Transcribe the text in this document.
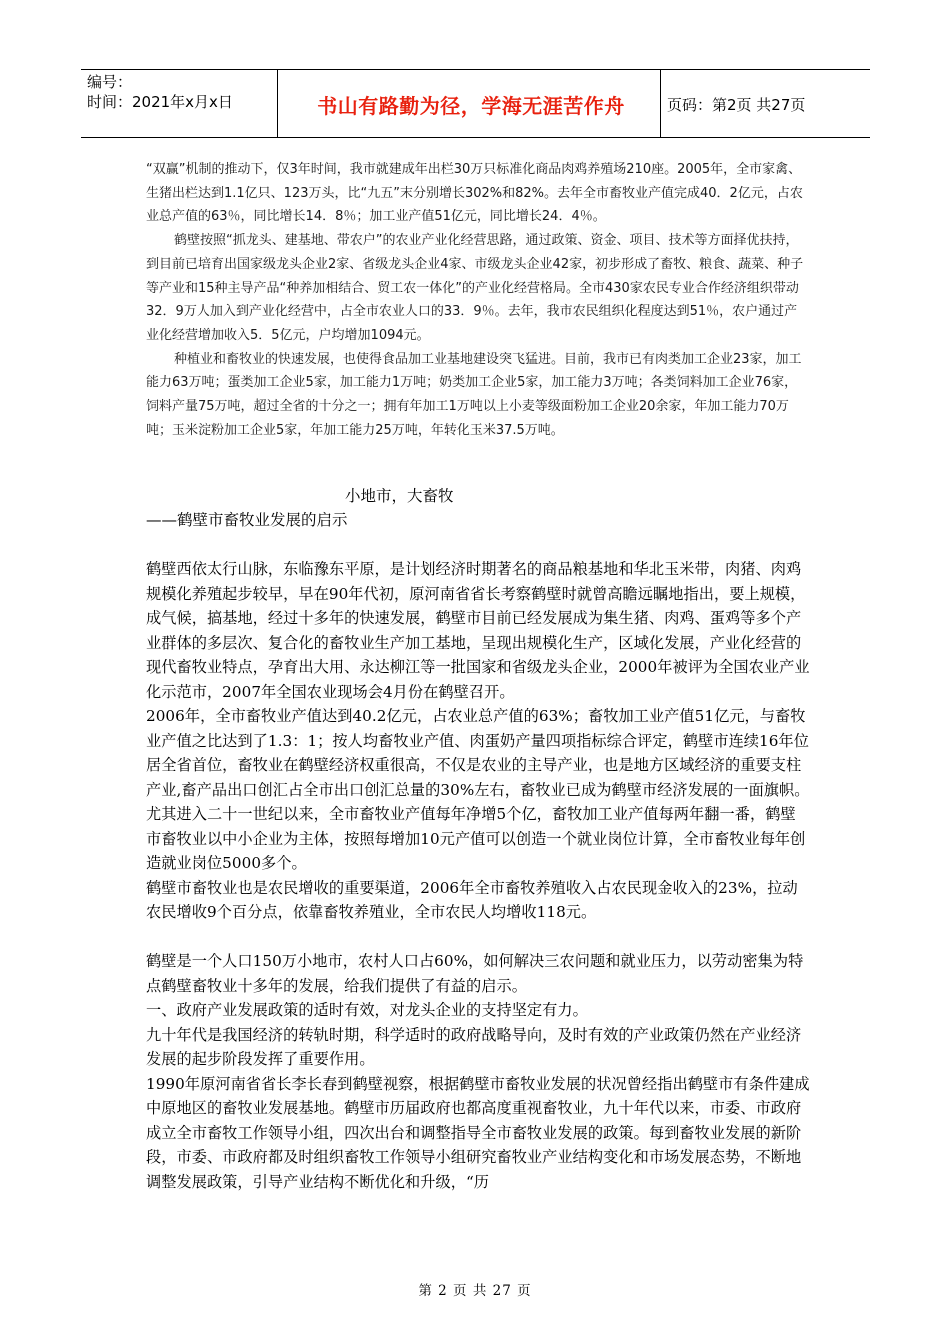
编号：
时间：2021年x月x日	书山有路勤为径，学海无涯苦作舟	页码：第2页 共27页

“双赢”机制的推动下，仅3年时间，我市就建成年出栏30万只标准化商品肉鸡养殖场210座。2005年，全市家禽、生猪出栏达到1.1亿只、123万头，比“九五”末分别增长302%和82%。去年全市畜牧业产值完成40．2亿元，占农业总产值的63％，同比增长14．8％；加工业产值51亿元，同比增长24．4％。

鹤壁按照“抓龙头、建基地、带农户”的农业产业化经营思路，通过政策、资金、项目、技术等方面择优扶持，到目前已培育出国家级龙头企业2家、省级龙头企业4家、市级龙头企业42家，初步形成了畜牧、粮食、蔬菜、种子等产业和15种主导产品“种养加相结合、贸工农一体化”的产业化经营格局。全市430家农民专业合作经济组织带动32．9万人加入到产业化经营中，占全市农业人口的33．9％。去年，我市农民组织化程度达到51％，农户通过产业化经营增加收入5．5亿元，户均增加1094元。

种植业和畜牧业的快速发展，也使得食品加工业基地建设突飞猛进。目前，我市已有肉类加工企业23家，加工能力63万吨；蛋类加工企业5家，加工能力1万吨；奶类加工企业5家，加工能力3万吨；各类饲料加工企业76家，饲料产量75万吨，超过全省的十分之一；拥有年加工1万吨以上小麦等级面粉加工企业20余家，年加工能力70万吨；玉米淀粉加工企业5家，年加工能力25万吨，年转化玉米37.5万吨。

小地市，大畜牧
——鹤壁市畜牧业发展的启示

鹤壁西依太行山脉，东临豫东平原，是计划经济时期著名的商品粮基地和华北玉米带，肉猪、肉鸡规模化养殖起步较早，早在90年代初，原河南省省长考察鹤壁时就曾高瞻远瞩地指出，要上规模，成气候，搞基地，经过十多年的快速发展，鹤壁市目前已经发展成为集生猪、肉鸡、蛋鸡等多个产业群体的多层次、复合化的畜牧业生产加工基地，呈现出规模化生产，区域化发展，产业化经营的现代畜牧业特点，孕育出大用、永达柳江等一批国家和省级龙头企业，2000年被评为全国农业产业化示范市，2007年全国农业现场会4月份在鹤壁召开。

2006年，全市畜牧业产值达到40.2亿元，占农业总产值的63%；畜牧加工业产值51亿元，与畜牧业产值之比达到了1.3：1；按人均畜牧业产值、肉蛋奶产量四项指标综合评定，鹤壁市连续16年位居全省首位，畜牧业在鹤壁经济权重很高，不仅是农业的主导产业，也是地方区域经济的重要支柱产业,畜产品出口创汇占全市出口创汇总量的30%左右，畜牧业已成为鹤壁市经济发展的一面旗帜。尤其进入二十一世纪以来，全市畜牧业产值每年净增5个亿，畜牧加工业产值每两年翻一番，鹤壁市畜牧业以中小企业为主体，按照每增加10元产值可以创造一个就业岗位计算，全市畜牧业每年创造就业岗位5000多个。

鹤壁市畜牧业也是农民增收的重要渠道，2006年全市畜牧养殖收入占农民现金收入的23%，拉动农民增收9个百分点，依靠畜牧养殖业，全市农民人均增收118元。

鹤壁是一个人口150万小地市，农村人口占60%，如何解决三农问题和就业压力，以劳动密集为特点鹤壁畜牧业十多年的发展，给我们提供了有益的启示。

一、政府产业发展政策的适时有效，对龙头企业的支持坚定有力。

九十年代是我国经济的转轨时期，科学适时的政府战略导向，及时有效的产业政策仍然在产业经济发展的起步阶段发挥了重要作用。

1990年原河南省省长李长春到鹤壁视察，根据鹤壁市畜牧业发展的状况曾经指出鹤壁市有条件建成中原地区的畜牧业发展基地。鹤壁市历届政府也都高度重视畜牧业，九十年代以来，市委、市政府成立全市畜牧工作领导小组，四次出台和调整指导全市畜牧业发展的政策。每到畜牧业发展的新阶段，市委、市政府都及时组织畜牧工作领导小组研究畜牧业产业结构变化和市场发展态势，不断地调整发展政策，引导产业结构不断优化和升级，“历

第 2 页 共 27 页
